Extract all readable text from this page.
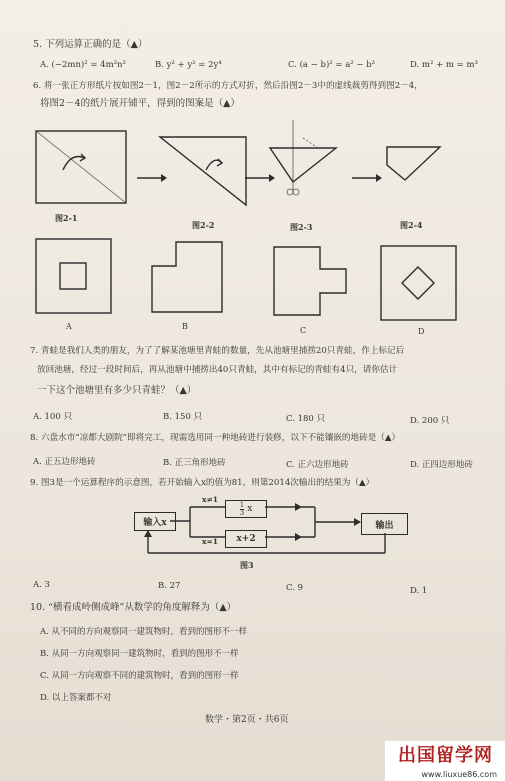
5. 下列运算正确的是（▲）
A. (−2mn)² = 4m²n²	B. y² + y² = 2y⁴	C. (a − b)² = a² − b²	D. m² + m = m³
6. 将一张正方形纸片按如图2－1，图2－2所示的方式对折，然后沿图2－3中的虚线裁剪得到图2－4，
将图2－4的纸片展开铺平，得到的图案是（▲）
图2-1
图2-2	图2-3	图2-4
A	B	C	D
7. 青蛙是我们人类的朋友，为了了解某池塘里青蛙的数量，先从池塘里捕捞20只青蛙，作上标记后
放回池塘，经过一段时间后，再从池塘中捕捞出40只青蛙，其中有标记的青蛙有4只，请你估计
一下这个池塘里有多少只青蛙？（▲）
A. 100 只	B. 150 只	C. 180 只	D. 200 只
8. 六盘水市“凉都大剧院”即将完工，现需选用同一种地砖进行装修，以下不能镶嵌的地砖是（▲）
A. 正五边形地砖	B. 正三角形地砖	C. 正六边形地砖	D. 正四边形地砖
9. 图3是一个运算程序的示意图，若开始输入x的值为81，则第2014次输出的结果为（▲）
输入x
$\frac{1}{3}$ x
x+2
输出
x≠1
x=1
图3
A. 3	B. 27	C. 9	D. 1
10. “横看成岭侧成峰”从数学的角度解释为（▲）
A. 从不同的方向观察同一建筑物时，看到的图形不一样
B. 从同一方向观察同一建筑物时，看到的图形不一样
C. 从同一方向观察不同的建筑物时，看到的图形一样
D. 以上答案都不对
数学・第2页・共6页
出国留学网
www.liuxue86.com
